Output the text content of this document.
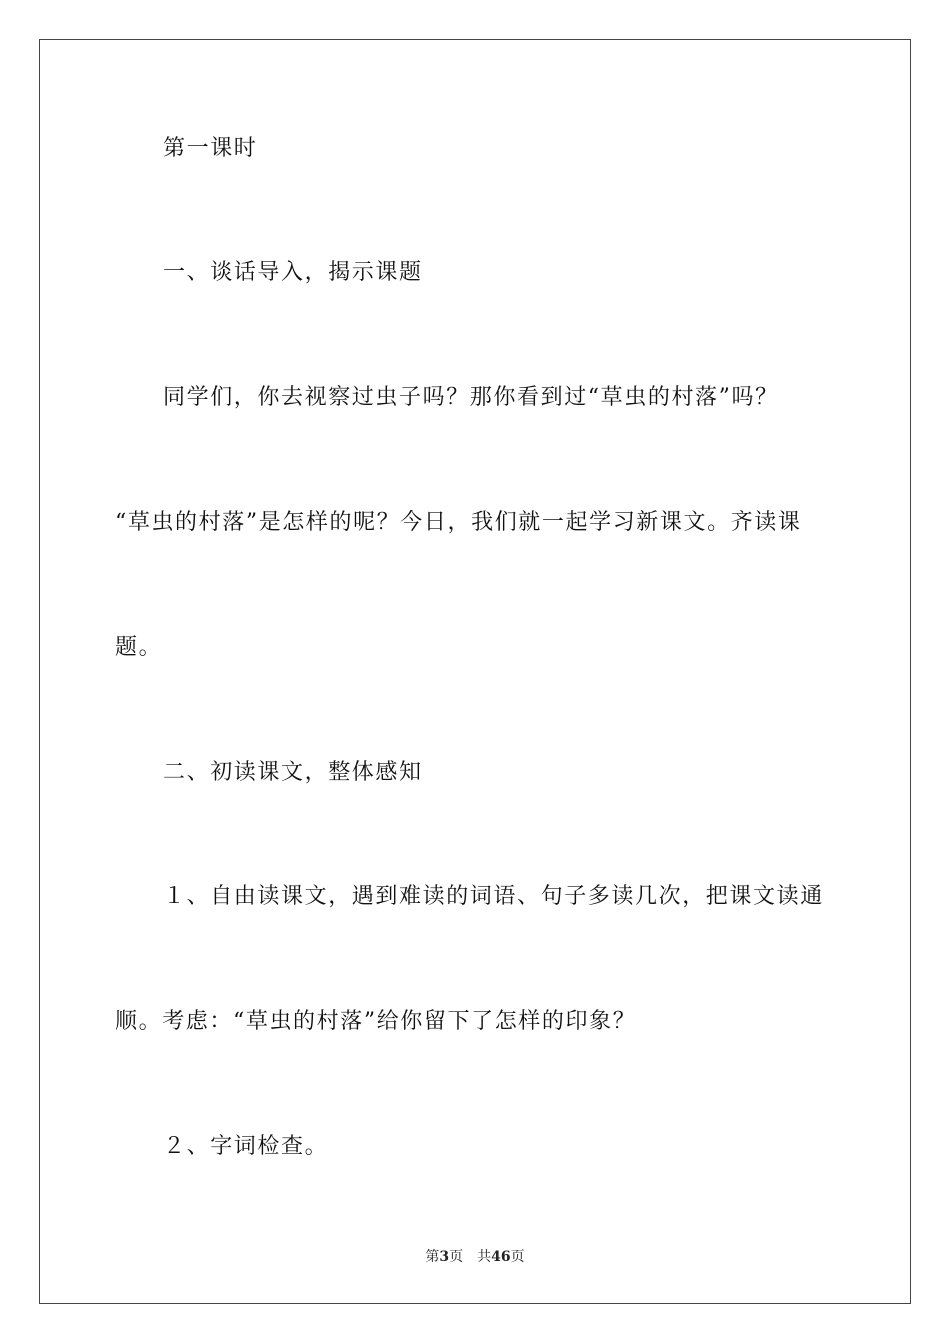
第一课时
一、谈话导入，揭示课题
同学们，你去视察过虫子吗？那你看到过“草虫的村落”吗？
“草虫的村落”是怎样的呢？今日，我们就一起学习新课文。齐读课
题。
二、初读课文，整体感知
１、自由读课文，遇到难读的词语、句子多读几次，把课文读通
顺。考虑：“草虫的村落”给你留下了怎样的印象？
２、字词检查。
第3页 共46页
